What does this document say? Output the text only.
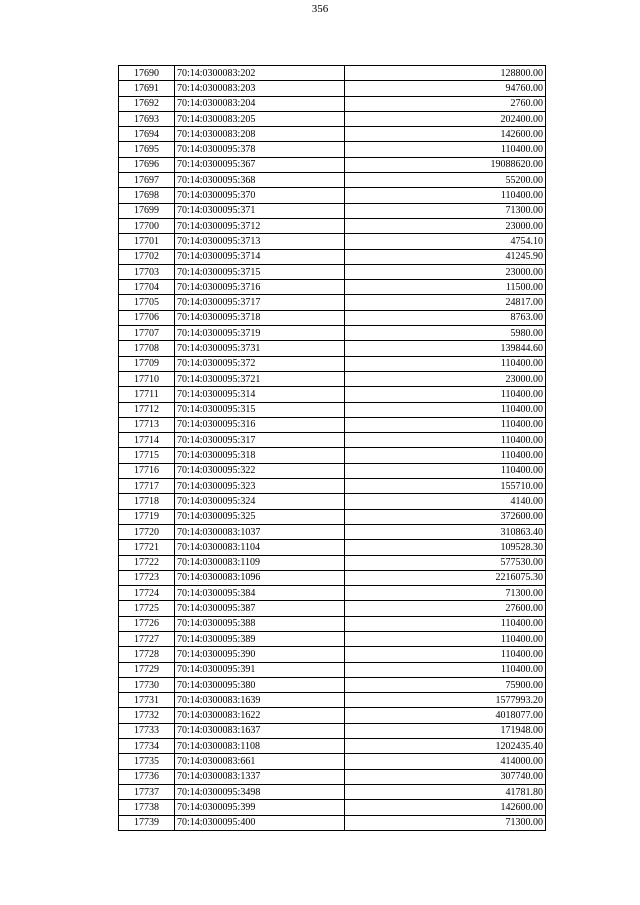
356
17690	70:14:0300083:202	128800.00
17691	70:14:0300083:203	94760.00
17692	70:14:0300083:204	2760.00
17693	70:14:0300083:205	202400.00
17694	70:14:0300083:208	142600.00
17695	70:14:0300095:378	110400.00
17696	70:14:0300095:367	19088620.00
17697	70:14:0300095:368	55200.00
17698	70:14:0300095:370	110400.00
17699	70:14:0300095:371	71300.00
17700	70:14:0300095:3712	23000.00
17701	70:14:0300095:3713	4754.10
17702	70:14:0300095:3714	41245.90
17703	70:14:0300095:3715	23000.00
17704	70:14:0300095:3716	11500.00
17705	70:14:0300095:3717	24817.00
17706	70:14:0300095:3718	8763.00
17707	70:14:0300095:3719	5980.00
17708	70:14:0300095:3731	139844.60
17709	70:14:0300095:372	110400.00
17710	70:14:0300095:3721	23000.00
17711	70:14:0300095:314	110400.00
17712	70:14:0300095:315	110400.00
17713	70:14:0300095:316	110400.00
17714	70:14:0300095:317	110400.00
17715	70:14:0300095:318	110400.00
17716	70:14:0300095:322	110400.00
17717	70:14:0300095:323	155710.00
17718	70:14:0300095:324	4140.00
17719	70:14:0300095:325	372600.00
17720	70:14:0300083:1037	310863.40
17721	70:14:0300083:1104	109528.30
17722	70:14:0300083:1109	577530.00
17723	70:14:0300083:1096	2216075.30
17724	70:14:0300095:384	71300.00
17725	70:14:0300095:387	27600.00
17726	70:14:0300095:388	110400.00
17727	70:14:0300095:389	110400.00
17728	70:14:0300095:390	110400.00
17729	70:14:0300095:391	110400.00
17730	70:14:0300095:380	75900.00
17731	70:14:0300083:1639	1577993.20
17732	70:14:0300083:1622	4018077.00
17733	70:14:0300083:1637	171948.00
17734	70:14:0300083:1108	1202435.40
17735	70:14:0300083:661	414000.00
17736	70:14:0300083:1337	307740.00
17737	70:14:0300095:3498	41781.80
17738	70:14:0300095:399	142600.00
17739	70:14:0300095:400	71300.00
